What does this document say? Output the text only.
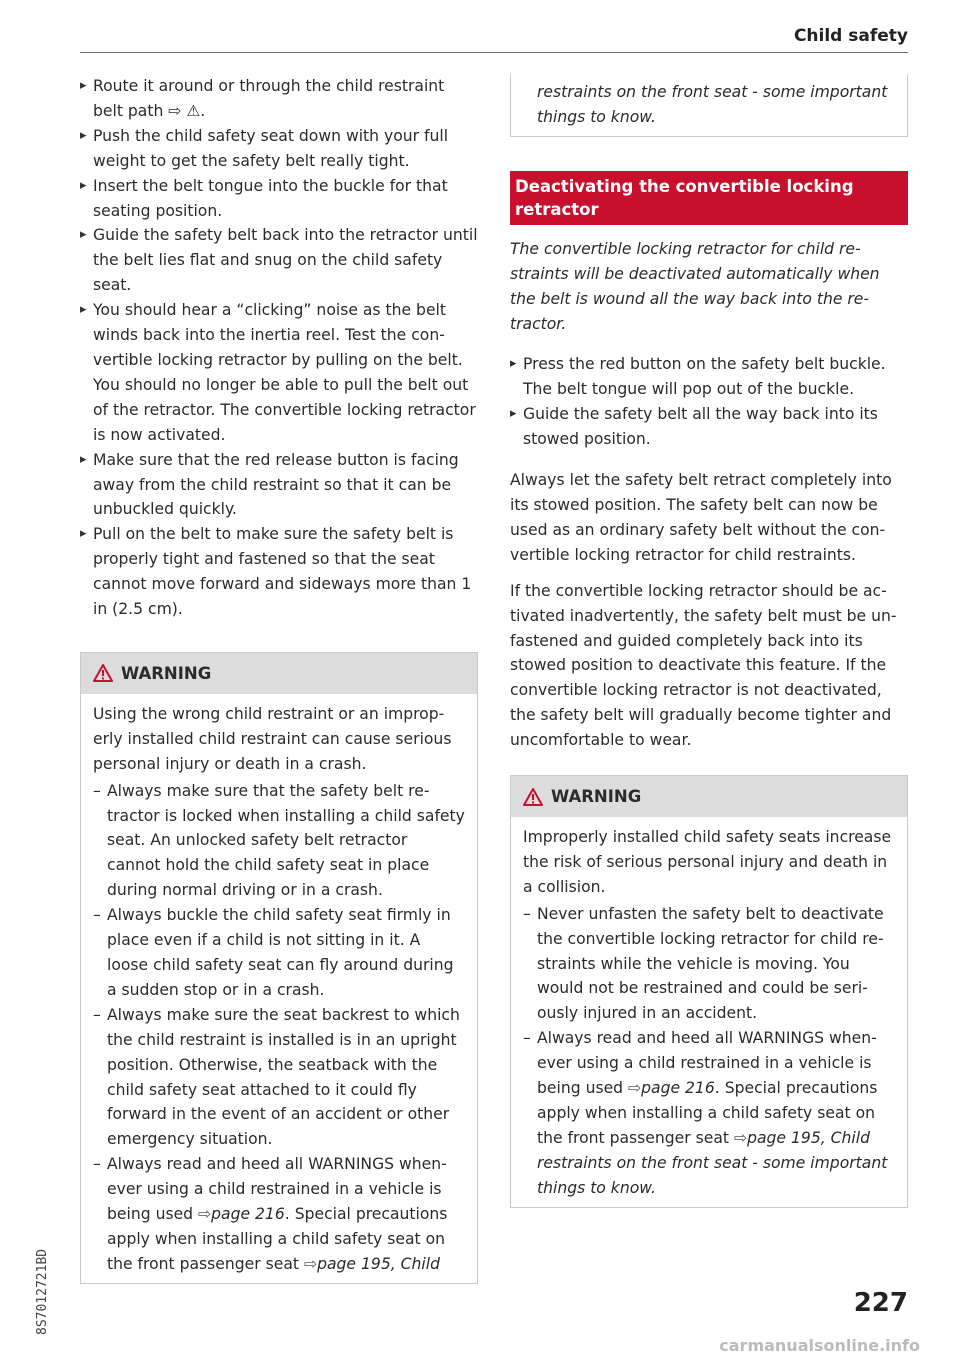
Child safety
▸ Route it around or through the child restraint belt path ⇨ ⚠.
▸ Push the child safety seat down with your full weight to get the safety belt really tight.
▸ Insert the belt tongue into the buckle for that seating position.
▸ Guide the safety belt back into the retractor until the belt lies flat and snug on the child safety seat.
▸ You should hear a “clicking” noise as the belt winds back into the inertia reel. Test the convertible locking retractor by pulling on the belt. You should no longer be able to pull the belt out of the retractor. The convertible locking retractor is now activated.
▸ Make sure that the red release button is facing away from the child restraint so that it can be unbuckled quickly.
▸ Pull on the belt to make sure the safety belt is properly tight and fastened so that the seat cannot move forward and sideways more than 1 in (2.5 cm).
WARNING
Using the wrong child restraint or an improperly installed child restraint can cause serious personal injury or death in a crash.
– Always make sure that the safety belt retractor is locked when installing a child safety seat. An unlocked safety belt retractor cannot hold the child safety seat in place during normal driving or in a crash.
– Always buckle the child safety seat firmly in place even if a child is not sitting in it. A loose child safety seat can fly around during a sudden stop or in a crash.
– Always make sure the seat backrest to which the child restraint is installed is in an upright position. Otherwise, the seatback with the child safety seat attached to it could fly forward in the event of an accident or other emergency situation.
– Always read and heed all WARNINGS whenever using a child restrained in a vehicle is being used ⇨page 216. Special precautions apply when installing a child safety seat on the front passenger seat ⇨page 195, Child
restraints on the front seat - some important things to know.
Deactivating the convertible locking retractor
The convertible locking retractor for child restraints will be deactivated automatically when the belt is wound all the way back into the retractor.
▸ Press the red button on the safety belt buckle. The belt tongue will pop out of the buckle.
▸ Guide the safety belt all the way back into its stowed position.
Always let the safety belt retract completely into its stowed position. The safety belt can now be used as an ordinary safety belt without the convertible locking retractor for child restraints.
If the convertible locking retractor should be activated inadvertently, the safety belt must be unfastened and guided completely back into its stowed position to deactivate this feature. If the convertible locking retractor is not deactivated, the safety belt will gradually become tighter and uncomfortable to wear.
WARNING
Improperly installed child safety seats increase the risk of serious personal injury and death in a collision.
– Never unfasten the safety belt to deactivate the convertible locking retractor for child restraints while the vehicle is moving. You would not be restrained and could be seriously injured in an accident.
– Always read and heed all WARNINGS whenever using a child restrained in a vehicle is being used ⇨page 216. Special precautions apply when installing a child safety seat on the front passenger seat ⇨page 195, Child restraints on the front seat - some important things to know.
8S7012721BD	227
carmanualsonline.info
